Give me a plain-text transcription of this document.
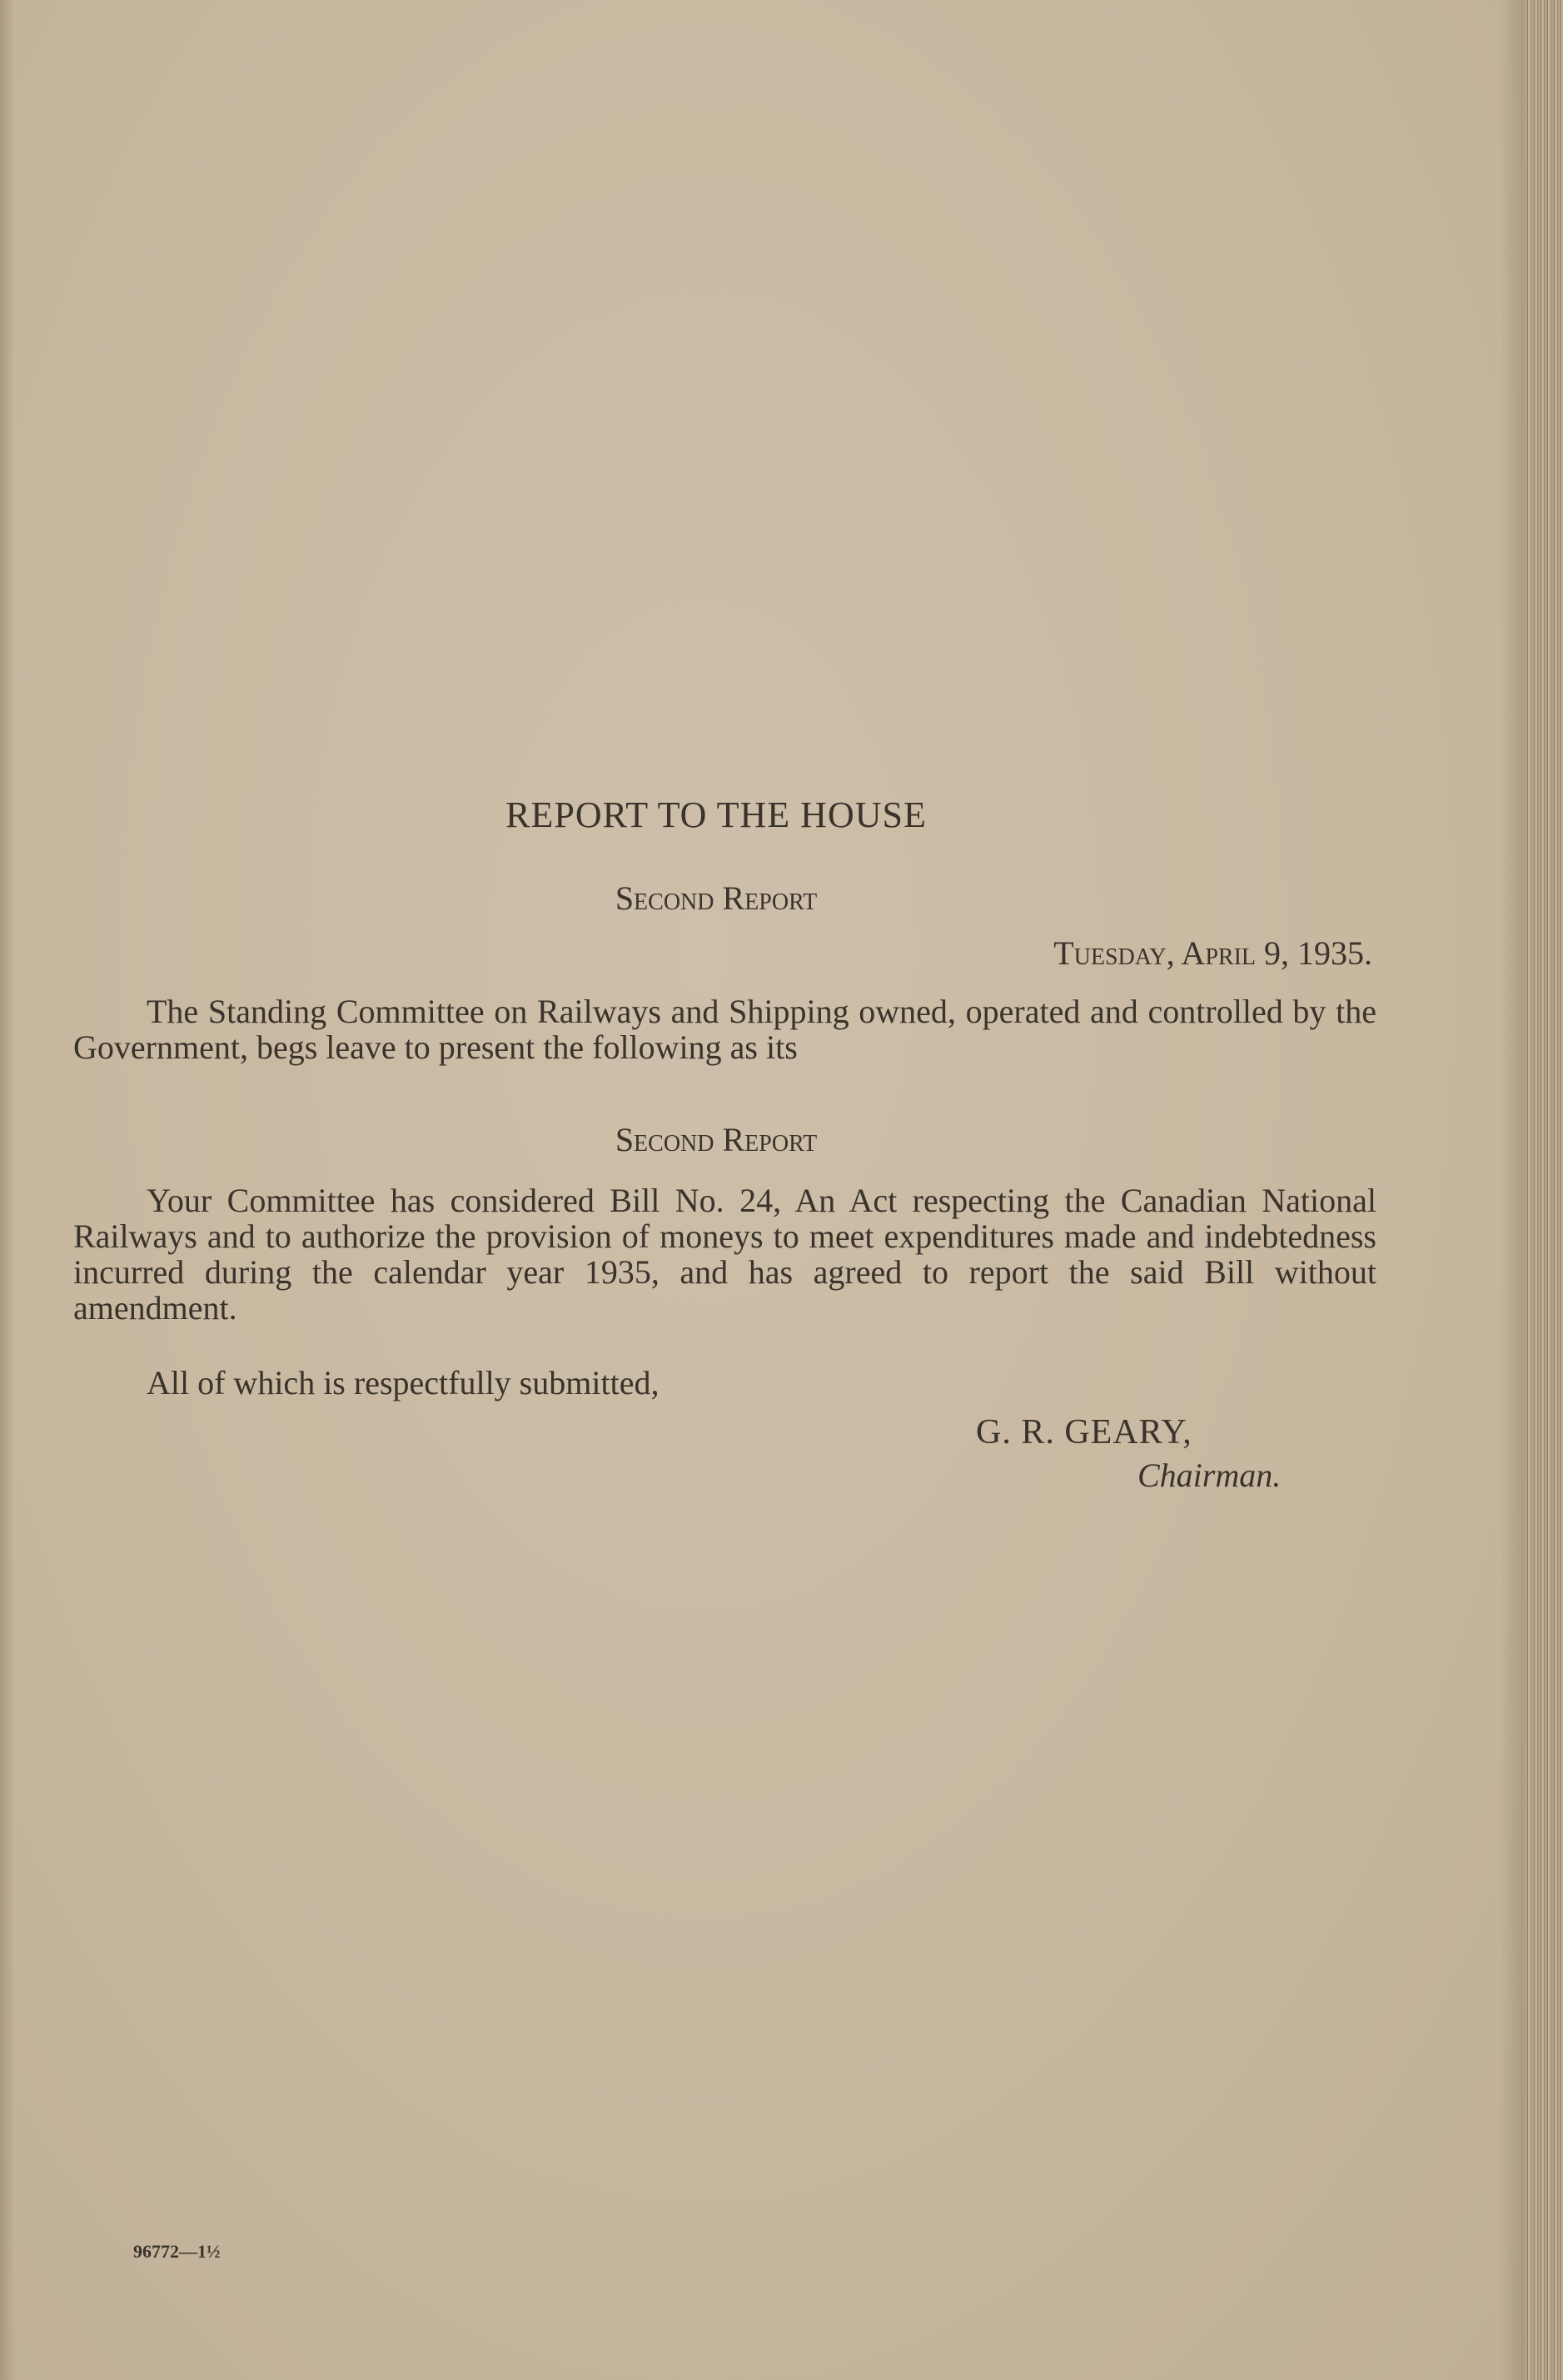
REPORT TO THE HOUSE
Second Report
Tuesday, April 9, 1935.

The Standing Committee on Railways and Shipping owned, operated and controlled by the Government, begs leave to present the following as its

Second Report

Your Committee has considered Bill No. 24, An Act respecting the Canadian National Railways and to authorize the provision of moneys to meet expenditures made and indebtedness incurred during the calendar year 1935, and has agreed to report the said Bill without amendment.

All of which is respectfully submitted,

G. R. GEARY,
Chairman.
96772—1½
